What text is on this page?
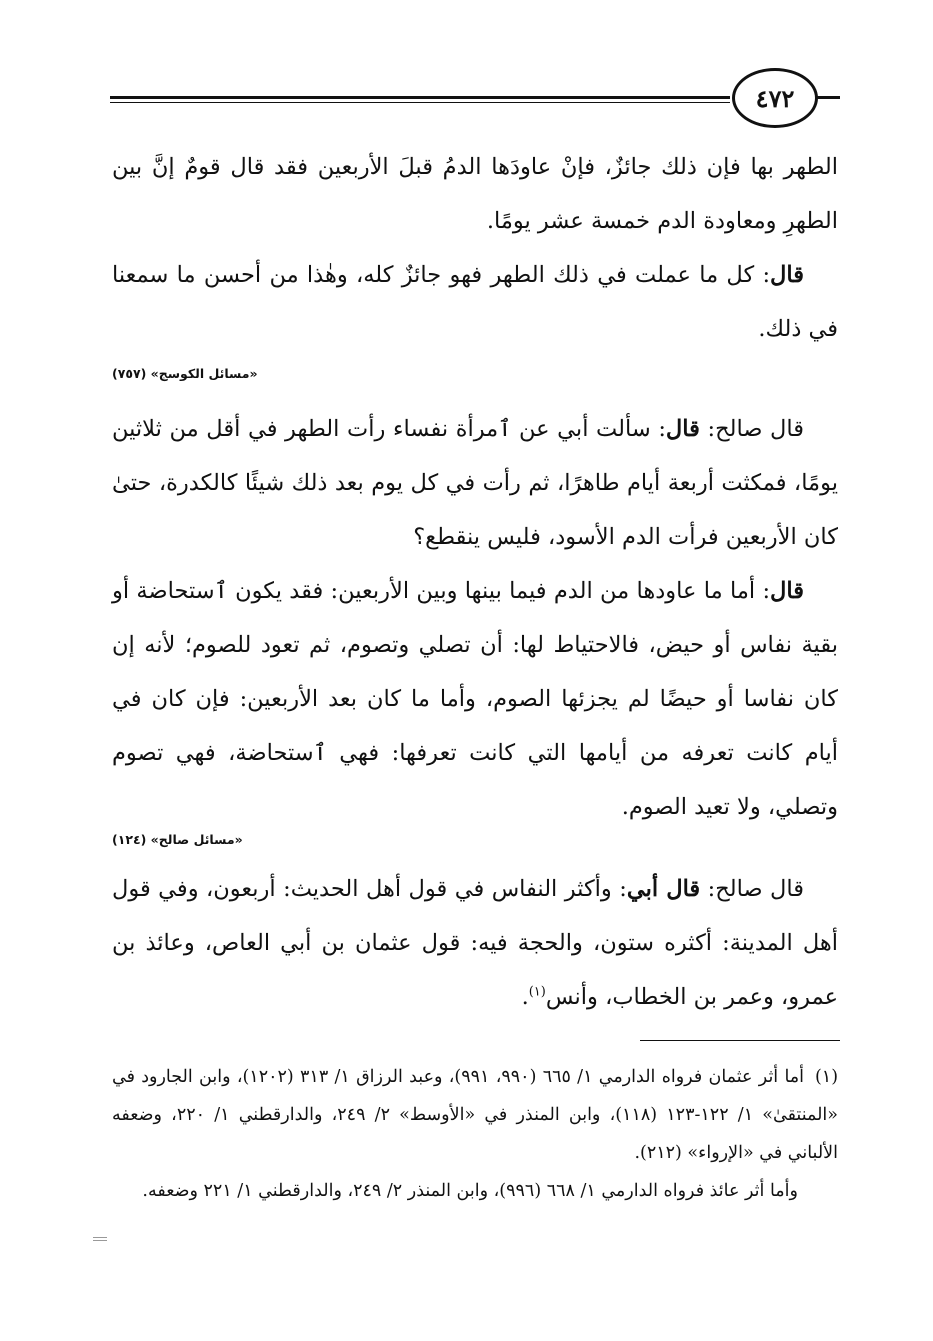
٤٧٢

الطهر بها فإن ذلك جائزٌ، فإنْ عاودَها الدمُ قبلَ الأربعين فقد قال قومٌ إنَّ بين الطهرِ ومعاودة الدم خمسة عشر يومًا.

قال: كل ما عملت في ذلك الطهر فهو جائزٌ كله، وهٰذا من أحسن ما سمعنا في ذلك.

«مسائل الكوسج» (٧٥٧)

قال صالح: قال: سألت أبي عن ٱمرأة نفساء رأت الطهر في أقل من ثلاثين يومًا، فمكثت أربعة أيام طاهرًا، ثم رأت في كل يوم بعد ذلك شيئًا كالكدرة، حتىٰ كان الأربعين فرأت الدم الأسود، فليس ينقطع؟

قال: أما ما عاودها من الدم فيما بينها وبين الأربعين: فقد يكون ٱستحاضة أو بقية نفاس أو حيض، فالاحتياط لها: أن تصلي وتصوم، ثم تعود للصوم؛ لأنه إن كان نفاسا أو حيضًا لم يجزئها الصوم، وأما ما كان بعد الأربعين: فإن كان في أيام كانت تعرفه من أيامها التي كانت تعرفها: فهي ٱستحاضة، فهي تصوم وتصلي، ولا تعيد الصوم.

«مسائل صالح» (١٢٤)

قال صالح: قال أبي: وأكثر النفاس في قول أهل الحديث: أربعون، وفي قول أهل المدينة: أكثره ستون، والحجة فيه: قول عثمان بن أبي العاص، وعائذ بن عمرو، وعمر بن الخطاب، وأنس$^{(١)}$.

(١)أما أثر عثمان فرواه الدارمي ١/ ٦٦٥ (٩٩٠، ٩٩١)، وعبد الرزاق ١/ ٣١٣ (١٢٠٢)، وابن الجارود في «المنتقىٰ» ١/ ١٢٢-١٢٣ (١١٨)، وابن المنذر في «الأوسط» ٢/ ٢٤٩، والدارقطني ١/ ٢٢٠، وضعفه الألباني في «الإرواء» (٢١٢).

وأما أثر عائذ فرواه الدارمي ١/ ٦٦٨ (٩٩٦)، وابن المنذر ٢/ ٢٤٩، والدارقطني ١/ ٢٢١ وضعفه.
